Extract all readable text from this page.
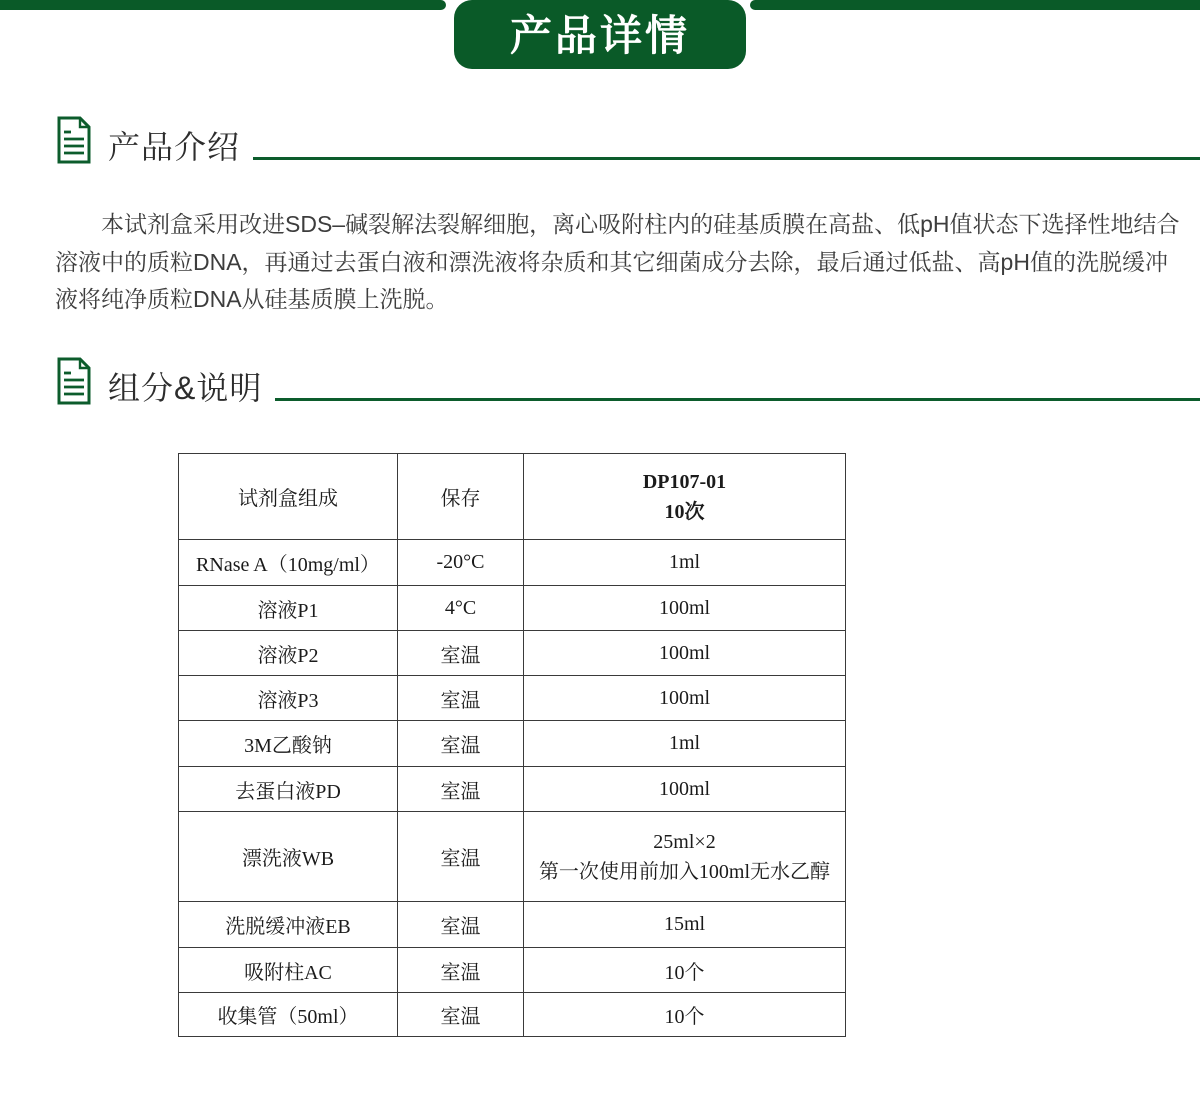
产品详情
产品介绍
本试剂盒采用改进SDS–碱裂解法裂解细胞，离心吸附柱内的硅基质膜在高盐、低pH值状态下选择性地结合
溶液中的质粒DNA，再通过去蛋白液和漂洗液将杂质和其它细菌成分去除，最后通过低盐、高pH值的洗脱缓冲
液将纯净质粒DNA从硅基质膜上洗脱。
组分&说明
试剂盒组成	保存	DP107-01
10次

RNase A（10mg/ml）	-20°C	1ml
溶液P1	4°C	100ml
溶液P2	室温	100ml
溶液P3	室温	100ml
3M乙酸钠	室温	1ml
去蛋白液PD	室温	100ml
漂洗液WB	室温	25ml×2
第一次使用前加入100ml无水乙醇

洗脱缓冲液EB	室温	15ml
吸附柱AC	室温	10个
收集管（50ml）	室温	10个
